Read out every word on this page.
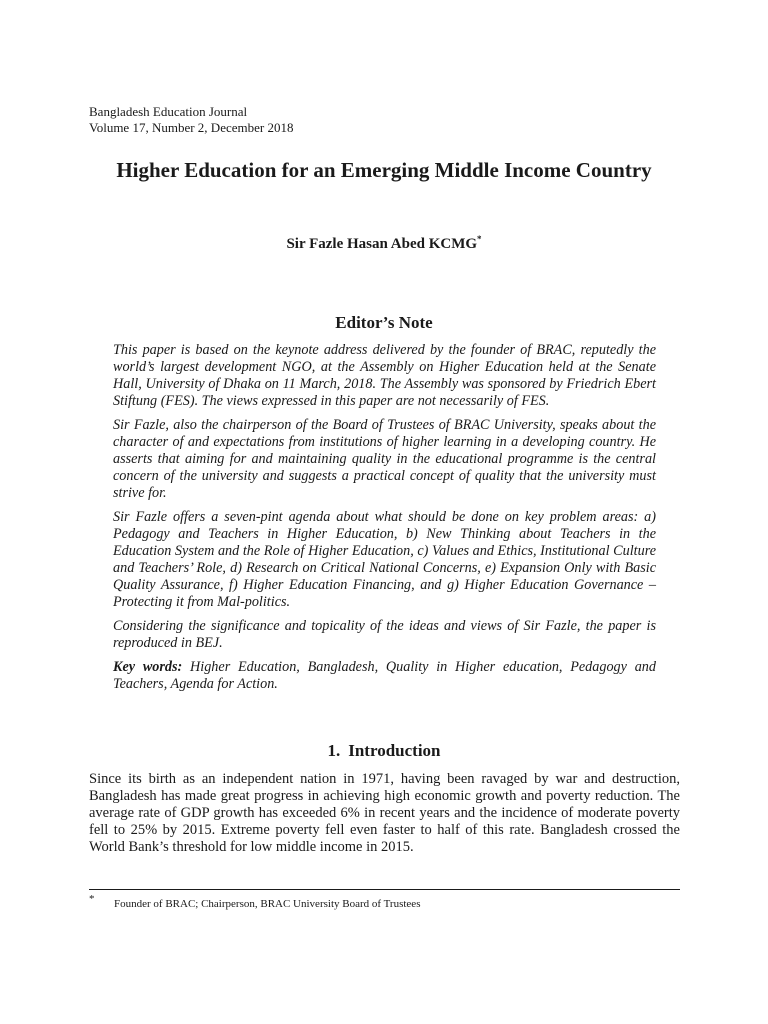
Bangladesh Education Journal
Volume 17, Number 2, December 2018
Higher Education for an Emerging Middle Income Country
Sir Fazle Hasan Abed KCMG*
Editor’s Note

This paper is based on the keynote address delivered by the founder of BRAC, reputedly the world’s largest development NGO, at the Assembly on Higher Education held at the Senate Hall, University of Dhaka on 11 March, 2018. The Assembly was sponsored by Friedrich Ebert Stiftung (FES). The views expressed in this paper are not necessarily of FES.

Sir Fazle, also the chairperson of the Board of Trustees of BRAC University, speaks about the character of and expectations from institutions of higher learning in a developing country. He asserts that aiming for and maintaining quality in the educational programme is the central concern of the university and suggests a practical concept of quality that the university must strive for.

Sir Fazle offers a seven-pint agenda about what should be done on key problem areas: a) Pedagogy and Teachers in Higher Education, b) New Thinking about Teachers in the Education System and the Role of Higher Education, c) Values and Ethics, Institutional Culture and Teachers’ Role, d) Research on Critical National Concerns, e) Expansion Only with Basic Quality Assurance, f) Higher Education Financing, and g) Higher Education Governance – Protecting it from Mal-politics.

Considering the significance and topicality of the ideas and views of Sir Fazle, the paper is reproduced in BEJ.

Key words: Higher Education, Bangladesh, Quality in Higher education, Pedagogy and Teachers, Agenda for Action.

1. Introduction

Since its birth as an independent nation in 1971, having been ravaged by war and destruction, Bangladesh has made great progress in achieving high economic growth and poverty reduction. The average rate of GDP growth has exceeded 6% in recent years and the incidence of moderate poverty fell to 25% by 2015. Extreme poverty fell even faster to half of this rate. Bangladesh crossed the World Bank’s threshold for low middle income in 2015.

* Founder of BRAC; Chairperson, BRAC University Board of Trustees
